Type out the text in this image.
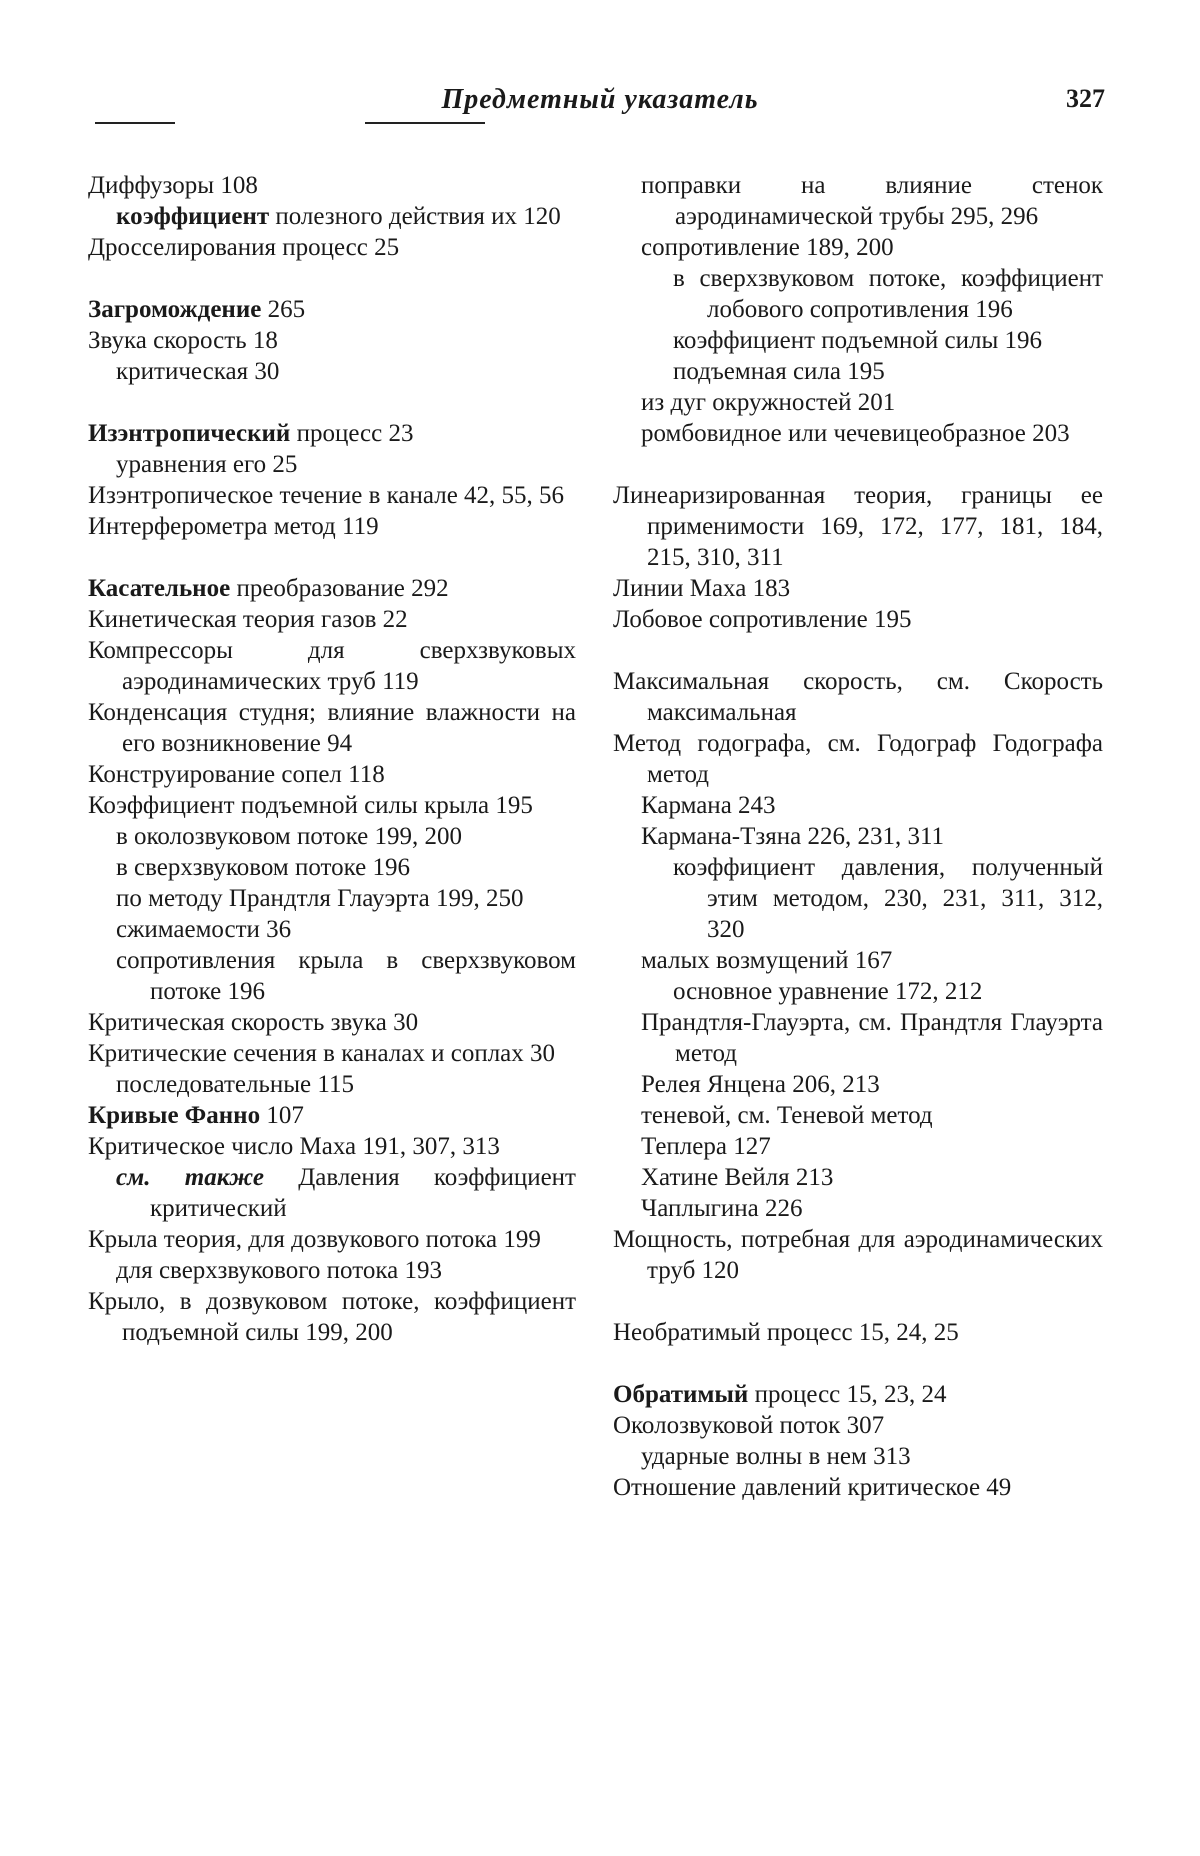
Предметный указатель	327
Диффузоры 108
коэффициент полезного действия их 120
Дросселирования процесс 25
Загромождение 265
Звука скорость 18
критическая 30
Изэнтропический процесс 23
уравнения его 25
Изэнтропическое течение в канале 42, 55, 56
Интерферометра метод 119
Касательное преобразование 292
Кинетическая теория газов 22
Компрессоры для сверхзвуковых аэродинамических труб 119
Конденсация студня; влияние влажности на его возникновение 94
Конструирование сопел 118
Коэффициент подъемной силы крыла 195
в околозвуковом потоке 199, 200
в сверхзвуковом потоке 196
по методу Прандтля Глауэрта 199, 250
сжимаемости 36
сопротивления крыла в сверхзвуковом потоке 196
Критическая скорость звука 30
Критические сечения в каналах и соплах 30
последовательные 115
Кривые Фанно 107
Критическое число Маха 191, 307, 313
см. также Давления коэффициент критический
Крыла теория, для дозвукового потока 199
для сверхзвукового потока 193
Крыло, в дозвуковом потоке, коэффициент подъемной силы 199, 200
поправки на влияние стенок аэродинамической трубы 295, 296
сопротивление 189, 200
в сверхзвуковом потоке, коэффициент лобового сопротивления 196
коэффициент подъемной силы 196
подъемная сила 195
из дуг окружностей 201
ромбовидное или чечевицеобразное 203
Линеаризированная теория, границы ее применимости 169, 172, 177, 181, 184, 215, 310, 311
Линии Маха 183
Лобовое сопротивление 195
Максимальная скорость, см. Скорость максимальная
Метод годографа, см. Годограф Годографа метод
Кармана 243
Кармана-Тзяна 226, 231, 311
коэффициент давления, полученный этим методом, 230, 231, 311, 312, 320
малых возмущений 167
основное уравнение 172, 212
Прандтля-Глауэрта, см. Прандтля Глауэрта метод
Релея Янцена 206, 213
теневой, см. Теневой метод
Теплера 127
Хатине Вейля 213
Чаплыгина 226
Мощность, потребная для аэродинамических труб 120
Необратимый процесс 15, 24, 25
Обратимый процесс 15, 23, 24
Околозвуковой поток 307
ударные волны в нем 313
Отношение давлений критическое 49
